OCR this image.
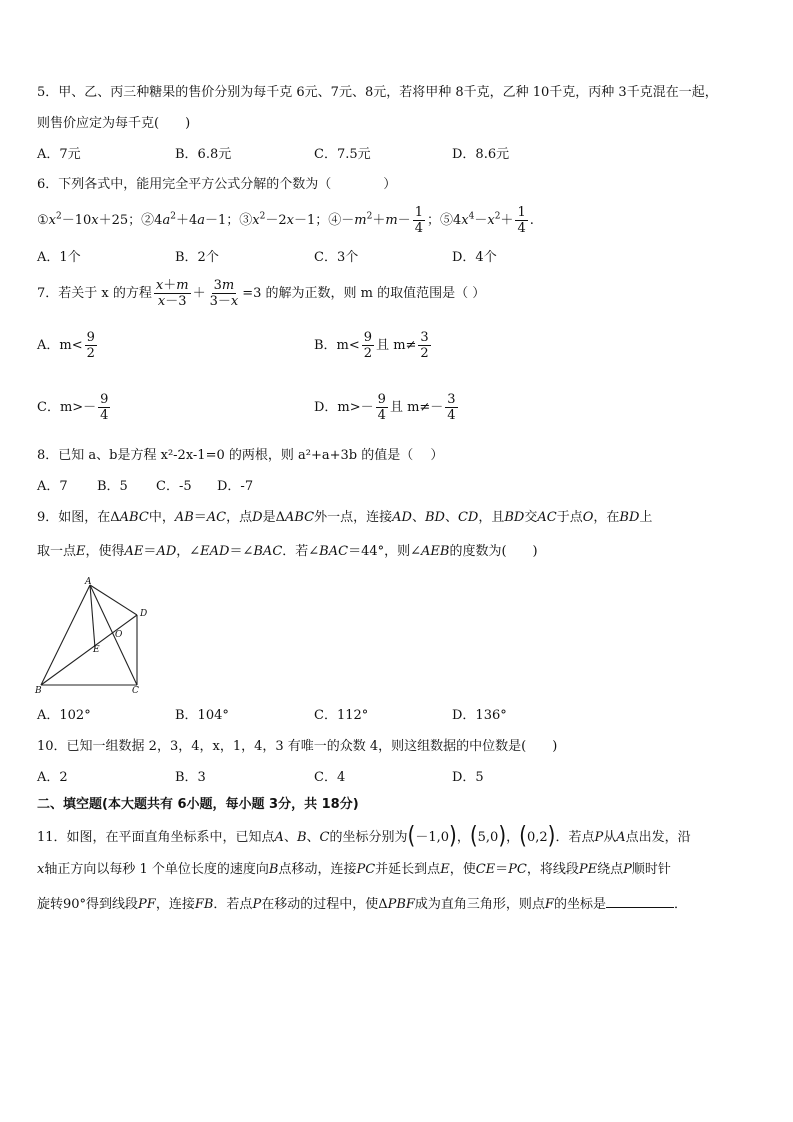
5．甲、乙、丙三种糖果的售价分别为每千克 6元、7元、8元，若将甲种 8千克，乙种 10千克，丙种 3千克混在一起，
则售价应定为每千克(　　)
A．7元	B．6.8元	C．7.5元	D．8.6元
6．下列各式中，能用完全平方公式分解的个数为（　　　　）
$①x^2-10x+25$；$②4a^2+4a-1$；$③x^2-2x-1$；$④-m^2+m- \frac{1}{4}$ ；$⑤4x^4-x^2+ \frac{1}{4}$ .
A．1个	B．2个	C．3个	D．4个
7．若关于 x 的方程 $\frac{x+m}{x-3} + \frac{3m}{3-x} =3$ 的解为正数，则 m 的取值范围是（ ）
A．$m< \frac{9}{2}$	B．$m< \frac{9}{2}$ 且 $m\ne \frac{3}{2}$
C．$m>- \frac{9}{4}$	D．$m>- \frac{9}{4}$ 且 $m\ne- \frac{3}{4}$
8．已知 a、b是方程 x²-2x-1=0 的两根，则 a²+a+3b 的值是（　 ）
A．7 B．5 C．-5 D．-7
9．如图，在ΔABC中，AB＝AC，点D是ΔABC外一点，连接AD、BD、CD，且BD交AC于点O，在BD上
取一点E，使得AE＝AD，∠EAD＝∠BAC．若∠BAC＝44°，则∠AEB的度数为(　　)
A
B	C
D
E
O
A．102°	B．104°	C．112°	D．136°
10．已知一组数据 2，3，4，x，1，4，3 有唯一的众数 4，则这组数据的中位数是(　　)
A．2	B．3	C．4	D．5
二、填空题(本大题共有 6小题，每小题 3分，共 18分)
11．如图，在平面直角坐标系中，已知点A、B、C的坐标分别为(－1,0)，(5,0)，(0,2)．若点P从A点出发，沿
x轴正方向以每秒 1 个单位长度的速度向B点移动，连接PC并延长到点E，使CE＝PC，将线段PE绕点P顺时针
旋转90°得到线段PF，连接FB．若点P在移动的过程中，使ΔPBF成为直角三角形，则点F的坐标是	．
